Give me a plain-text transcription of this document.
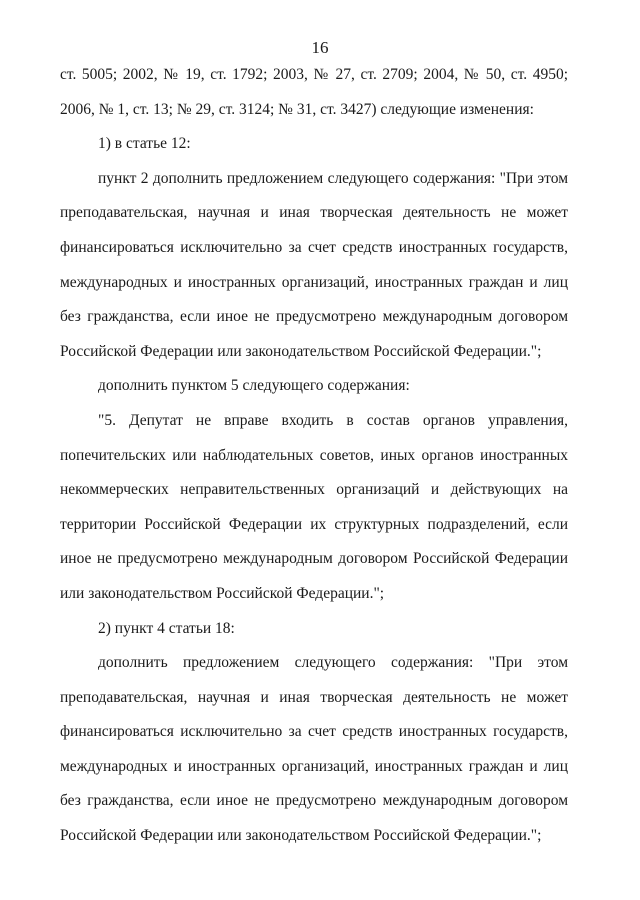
16

ст. 5005; 2002, № 19, ст. 1792; 2003, № 27, ст. 2709; 2004, № 50, ст. 4950; 2006, № 1, ст. 13; № 29, ст. 3124; № 31, ст. 3427) следующие изменения:

1) в статье 12:

пункт 2 дополнить предложением следующего содержания: "При этом преподавательская, научная и иная творческая деятельность не может финансироваться исключительно за счет средств иностранных государств, международных и иностранных организаций, иностранных граждан и лиц без гражданства, если иное не предусмотрено международным договором Российской Федерации или законодательством Российской Федерации.";

дополнить пунктом 5 следующего содержания:

"5. Депутат не вправе входить в состав органов управления, попечительских или наблюдательных советов, иных органов иностранных некоммерческих неправительственных организаций и действующих на территории Российской Федерации их структурных подразделений, если иное не предусмотрено международным договором Российской Федерации или законодательством Российской Федерации.";

2) пункт 4 статьи 18:

дополнить предложением следующего содержания: "При этом преподавательская, научная и иная творческая деятельность не может финансироваться исключительно за счет средств иностранных государств, международных и иностранных организаций, иностранных граждан и лиц без гражданства, если иное не предусмотрено международным договором Российской Федерации или законодательством Российской Федерации.";
